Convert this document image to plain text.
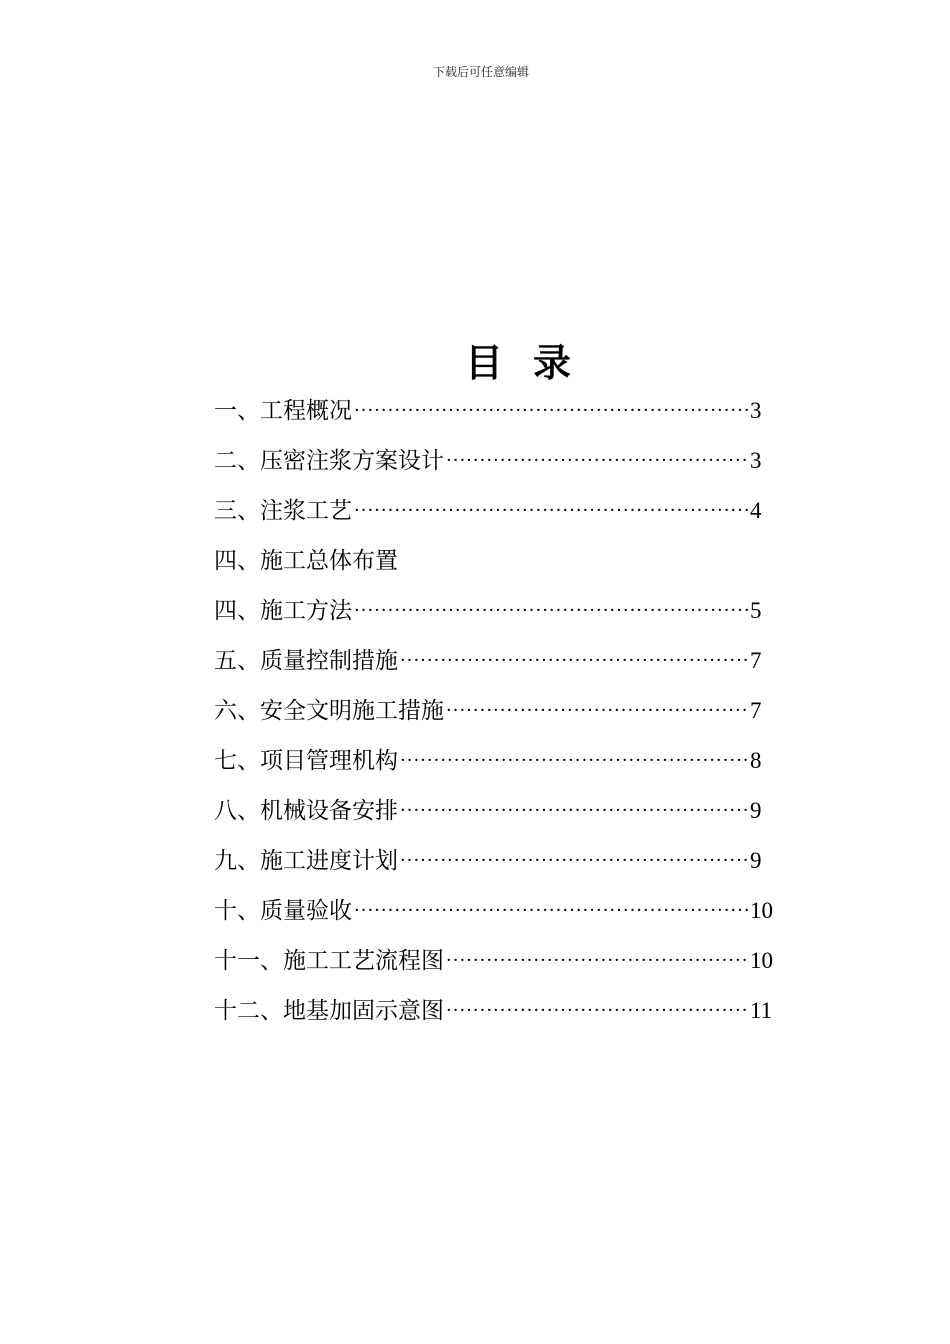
下载后可任意编辑
目 录
一、工程概况 ·····	3
二、压密注浆方案设计 ·····	3
三、注浆工艺 ·····	4
四、施工总体布置
四、施工方法 ·····	5
五、质量控制措施 ·····	7
六、安全文明施工措施 ·····	7
七、项目管理机构 ·····	8
八、机械设备安排 ·····	9
九、施工进度计划 ·····	9
十、质量验收 ·····	10
十一、施工工艺流程图 ·····	10
十二、地基加固示意图 ·····	11
